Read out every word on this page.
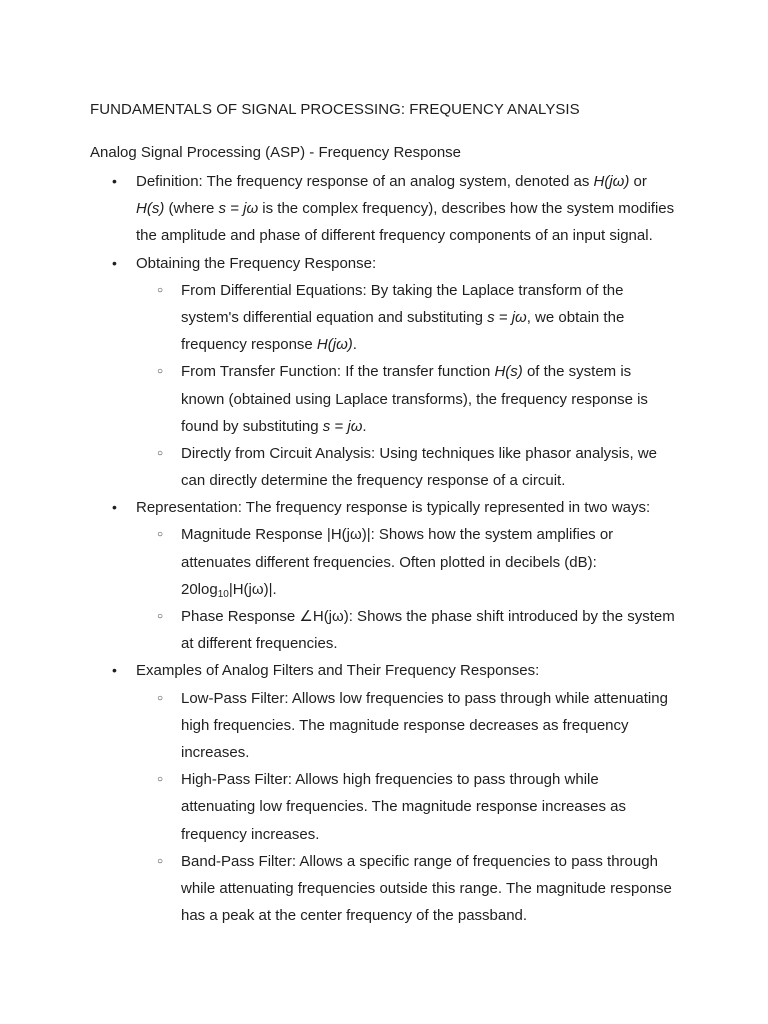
FUNDAMENTALS OF SIGNAL PROCESSING: FREQUENCY ANALYSIS
Analog Signal Processing (ASP) - Frequency Response
• Definition: The frequency response of an analog system, denoted as H(jω) or
H(s) (where s = jω is the complex frequency), describes how the system modifies
the amplitude and phase of different frequency components of an input signal.
• Obtaining the Frequency Response:
○ From Differential Equations: By taking the Laplace transform of the
system's differential equation and substituting s = jω, we obtain the
frequency response H(jω).
○ From Transfer Function: If the transfer function H(s) of the system is
known (obtained using Laplace transforms), the frequency response is
found by substituting s = jω.
○ Directly from Circuit Analysis: Using techniques like phasor analysis, we
can directly determine the frequency response of a circuit.
• Representation: The frequency response is typically represented in two ways:
○ Magnitude Response |H(jω)|: Shows how the system amplifies or
attenuates different frequencies. Often plotted in decibels (dB):
$20\log_{10}|H(j\omega)|$.
○ Phase Response ∠H(jω): Shows the phase shift introduced by the system
at different frequencies.
• Examples of Analog Filters and Their Frequency Responses:
○ Low-Pass Filter: Allows low frequencies to pass through while attenuating
high frequencies. The magnitude response decreases as frequency
increases.
○ High-Pass Filter: Allows high frequencies to pass through while
attenuating low frequencies. The magnitude response increases as
frequency increases.
○ Band-Pass Filter: Allows a specific range of frequencies to pass through
while attenuating frequencies outside this range. The magnitude response
has a peak at the center frequency of the passband.
